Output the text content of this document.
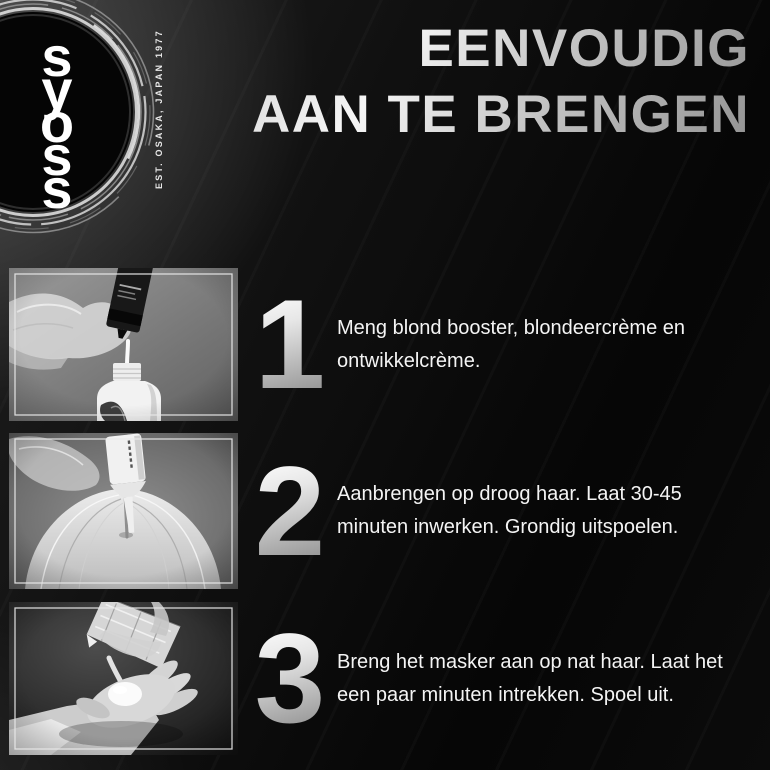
syoss	EST. OSAKA, JAPAN 1977	EENVOUDIG
AAN TE BRENGEN
1 Meng blond booster, blondeercrème en ontwikkelcrème.
2 Aanbrengen op droog haar. Laat 30-45 minuten inwerken. Grondig uitspoelen.
3 Breng het masker aan op nat haar. Laat het een paar minuten intrekken. Spoel uit.
